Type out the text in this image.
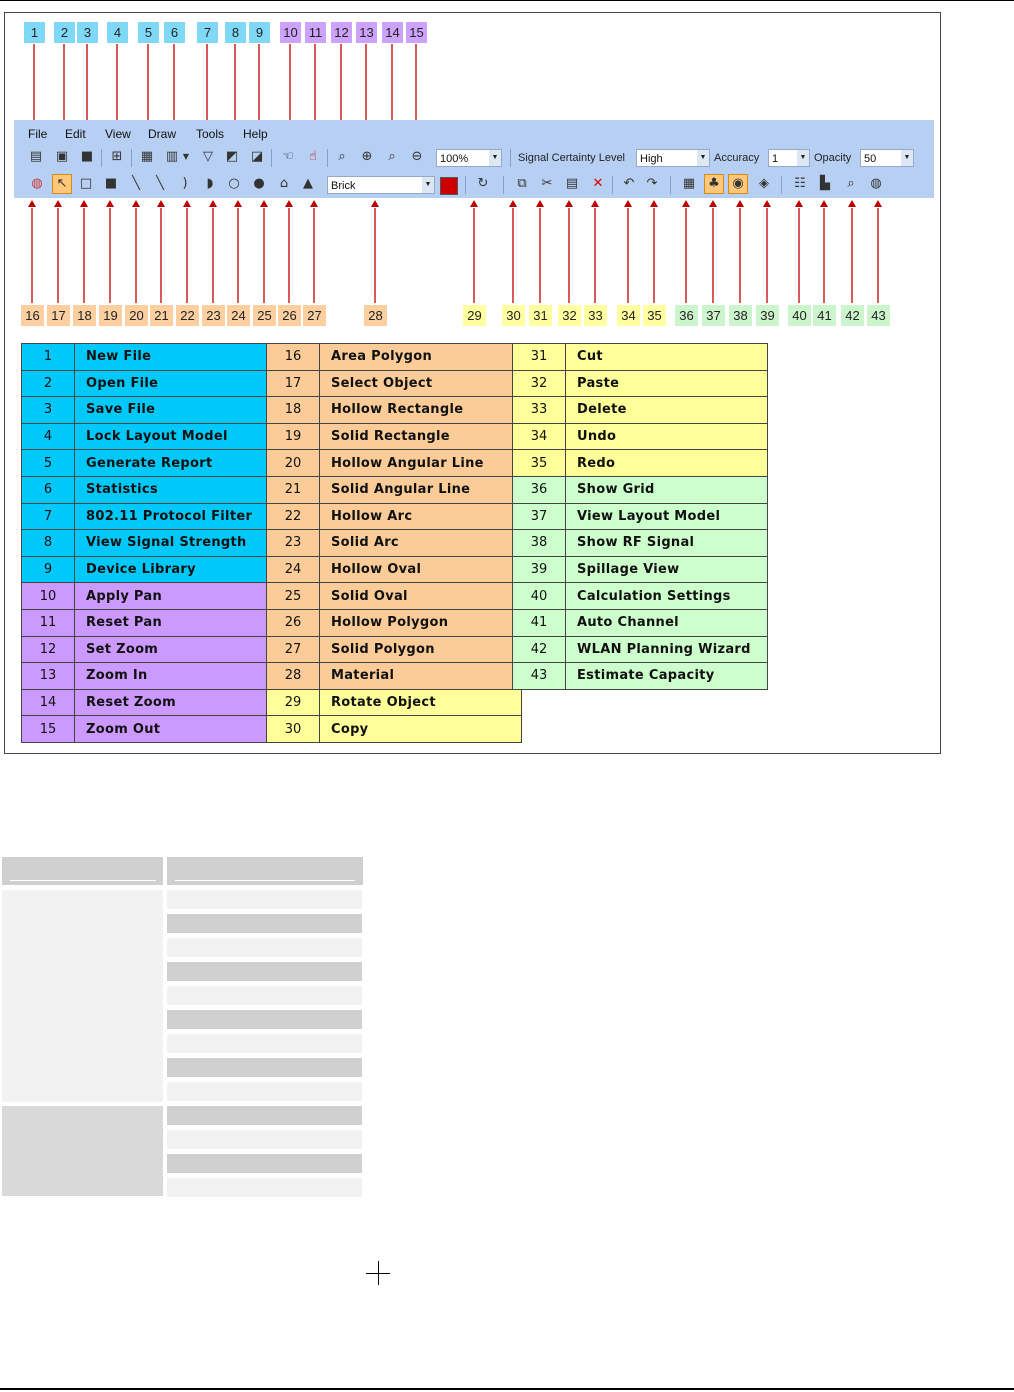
1	2	3	4	5	6	7	8	9	10 11 12 13 14 15
16 17 18 19 20 21 22 23 24 25 26 27	28	29	30 31	32 33	34 35	36 37 38 39	40 41	42 43
File Edit View Draw Tools Help
▤ ▣ ■	⊞	▦ ▥ ▼	▽ ◩ ◪	☜	☝	⌕	⊕	⌕	⊖	100%	▼ Signal Certainty Level	High	▼ Accuracy	1	▼ Opacity	50	▼
◍	↖ □ ■	╲	╲	)	◗	○	●	⌂	▲	Brick	▼	↻	⧉	✂	▤	✕	↶ ↷	▦	♣ ◉	◈	☷	▙	⌕	◍
1	New File
2	Open File
3	Save File
4	Lock Layout Model
5	Generate Report
6	Statistics
7	802.11 Protocol Filter
8	View Signal Strength
9	Device Library
10	Apply Pan
11	Reset Pan
12	Set Zoom
13	Zoom In
14	Reset Zoom
15	Zoom Out
16	Area Polygon
17	Select Object
18	Hollow Rectangle
19	Solid Rectangle
20	Hollow Angular Line
21	Solid Angular Line
22	Hollow Arc
23	Solid Arc
24	Hollow Oval
25	Solid Oval
26	Hollow Polygon
27	Solid Polygon
28	Material
29	Rotate Object
30	Copy
31	Cut
32	Paste
33	Delete
34	Undo
35	Redo
36	Show Grid
37	View Layout Model
38	Show RF Signal
39	Spillage View
40	Calculation Settings
41	Auto Channel
42	WLAN Planning Wizard
43	Estimate Capacity
